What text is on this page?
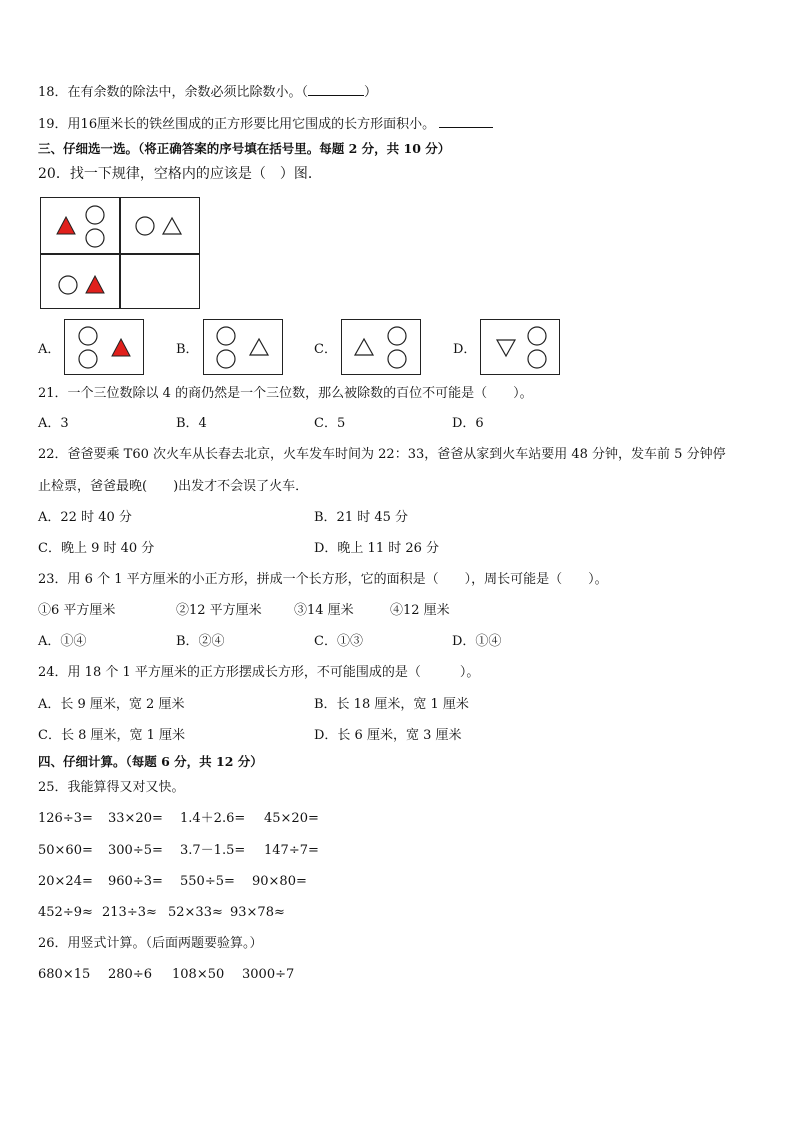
18．在有余数的除法中，余数必须比除数小。（	）
19．用16厘米长的铁丝围成的正方形要比用它围成的长方形面积小。
三、仔细选一选。（将正确答案的序号填在括号里。每题 2 分，共 10 分）
20．找一下规律，空格内的应该是（　）图．
A．	B．	C．	D．
21．一个三位数除以 4 的商仍然是一个三位数，那么被除数的百位不可能是（　　）。
A．3	B．4	C．5	D．6
22．爸爸要乘 T60 次火车从长春去北京，火车发车时间为 22：33，爸爸从家到火车站要用 48 分钟，发车前 5 分钟停
止检票，爸爸最晚(　　)出发才不会误了火车．
A．22 时 40 分	B．21 时 45 分
C．晚上 9 时 40 分	D．晚上 11 时 26 分
23．用 6 个 1 平方厘米的小正方形，拼成一个长方形，它的面积是（　　），周长可能是（　　）。
①6 平方厘米	②12 平方厘米 ③14 厘米	④12 厘米
A．①④	B．②④	C．①③	D．①④
24．用 18 个 1 平方厘米的正方形摆成长方形，不可能围成的是（　　　）。
A．长 9 厘米，宽 2 厘米	B．长 18 厘米，宽 1 厘米
C．长 8 厘米，宽 1 厘米	D．长 6 厘米，宽 3 厘米
四、仔细计算。（每题 6 分，共 12 分）
25．我能算得又对又快。
126÷3= 33×20= 1.4＋2.6= 45×20=
50×60= 300÷5= 3.7－1.5= 147÷7=
20×24= 960÷3= 550÷5= 90×80=
452÷9≈ 213÷3≈ 52×33≈ 93×78≈
26．用竖式计算。（后面两题要验算。）
680×15 280÷6 108×50 3000÷7
